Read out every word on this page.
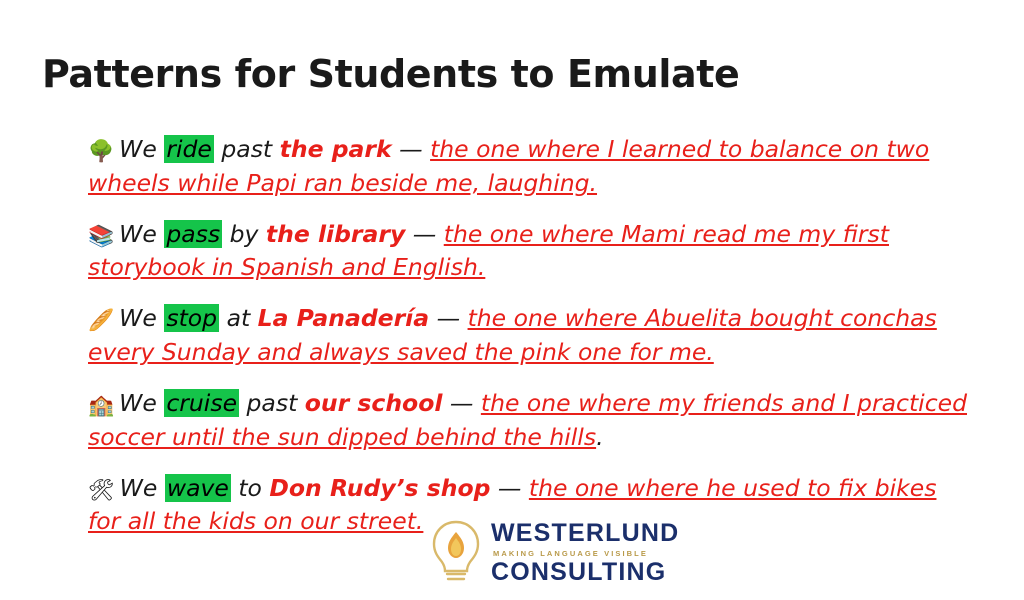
Patterns for Students to Emulate
🌳 We ride past the park — the one where I learned to balance on two wheels while Papi ran beside me, laughing.
📚 We pass by the library — the one where Mami read me my first storybook in Spanish and English.
🥖 We stop at La Panadería — the one where Abuelita bought conchas every Sunday and always saved the pink one for me.
🏫 We cruise past our school — the one where my friends and I practiced soccer until the sun dipped behind the hills.
🛠 We wave to Don Rudy’s shop — the one where he used to fix bikes for all the kids on our street.	WESTERLUND
MAKING LANGUAGE VISIBLE
CONSULTING
